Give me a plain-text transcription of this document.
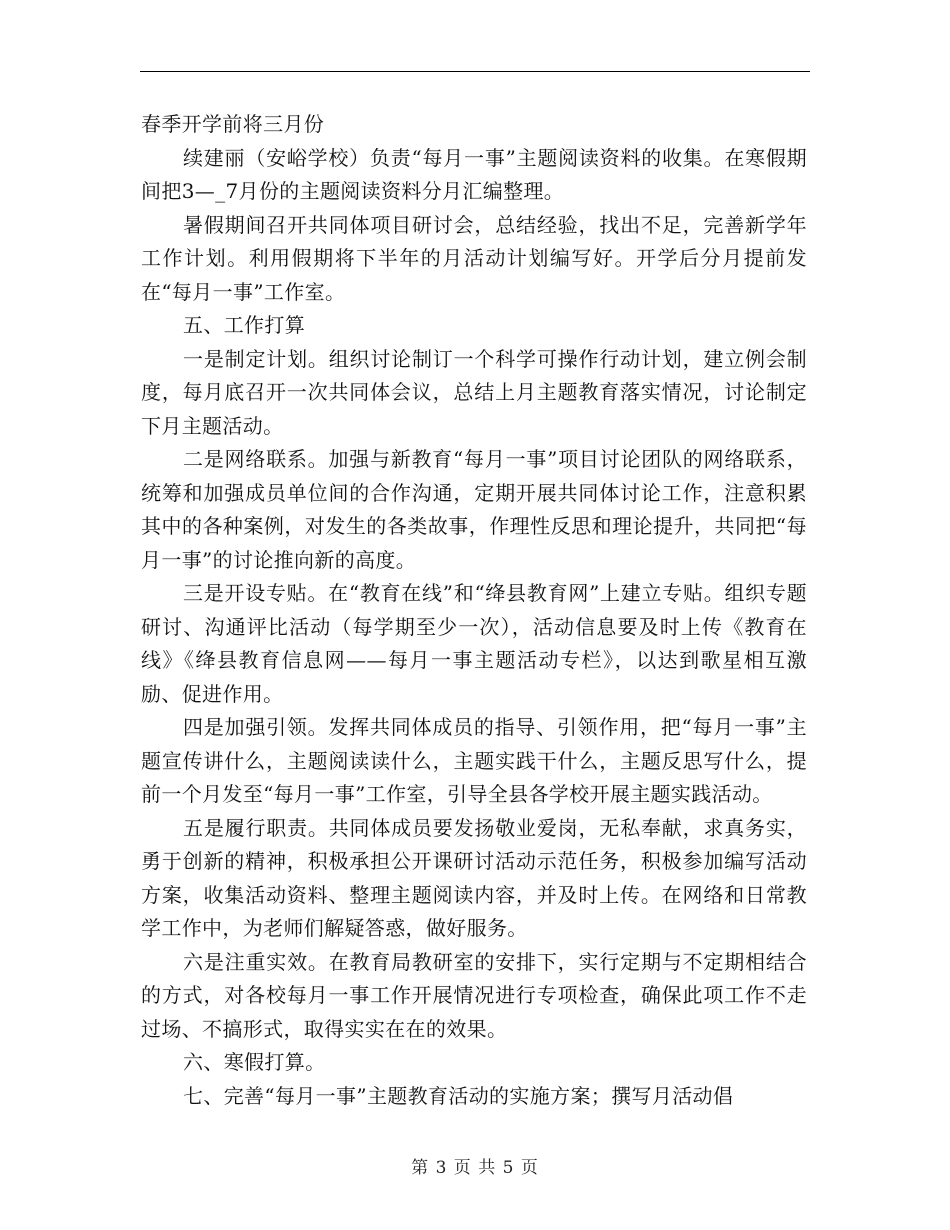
春季开学前将三月份

续建丽（安峪学校）负责“每月一事”主题阅读资料的收集。在寒假期间把3—_7月份的主题阅读资料分月汇编整理。

暑假期间召开共同体项目研讨会，总结经验，找出不足，完善新学年工作计划。利用假期将下半年的月活动计划编写好。开学后分月提前发在“每月一事”工作室。

五、工作打算

一是制定计划。组织讨论制订一个科学可操作行动计划，建立例会制度，每月底召开一次共同体会议，总结上月主题教育落实情况，讨论制定下月主题活动。

二是网络联系。加强与新教育“每月一事”项目讨论团队的网络联系，统筹和加强成员单位间的合作沟通，定期开展共同体讨论工作，注意积累其中的各种案例，对发生的各类故事，作理性反思和理论提升，共同把“每月一事”的讨论推向新的高度。

三是开设专贴。在“教育在线”和“绛县教育网”上建立专贴。组织专题研讨、沟通评比活动（每学期至少一次），活动信息要及时上传《教育在线》《绛县教育信息网——每月一事主题活动专栏》，以达到歌星相互激励、促进作用。

四是加强引领。发挥共同体成员的指导、引领作用，把“每月一事”主题宣传讲什么，主题阅读读什么，主题实践干什么，主题反思写什么，提前一个月发至“每月一事”工作室，引导全县各学校开展主题实践活动。

五是履行职责。共同体成员要发扬敬业爱岗，无私奉献，求真务实，勇于创新的精神，积极承担公开课研讨活动示范任务，积极参加编写活动方案，收集活动资料、整理主题阅读内容，并及时上传。在网络和日常教学工作中，为老师们解疑答惑，做好服务。

六是注重实效。在教育局教研室的安排下，实行定期与不定期相结合的方式，对各校每月一事工作开展情况进行专项检查，确保此项工作不走过场、不搞形式，取得实实在在的效果。

六、寒假打算。

七、完善“每月一事”主题教育活动的实施方案；撰写月活动倡

第 3 页 共 5 页
